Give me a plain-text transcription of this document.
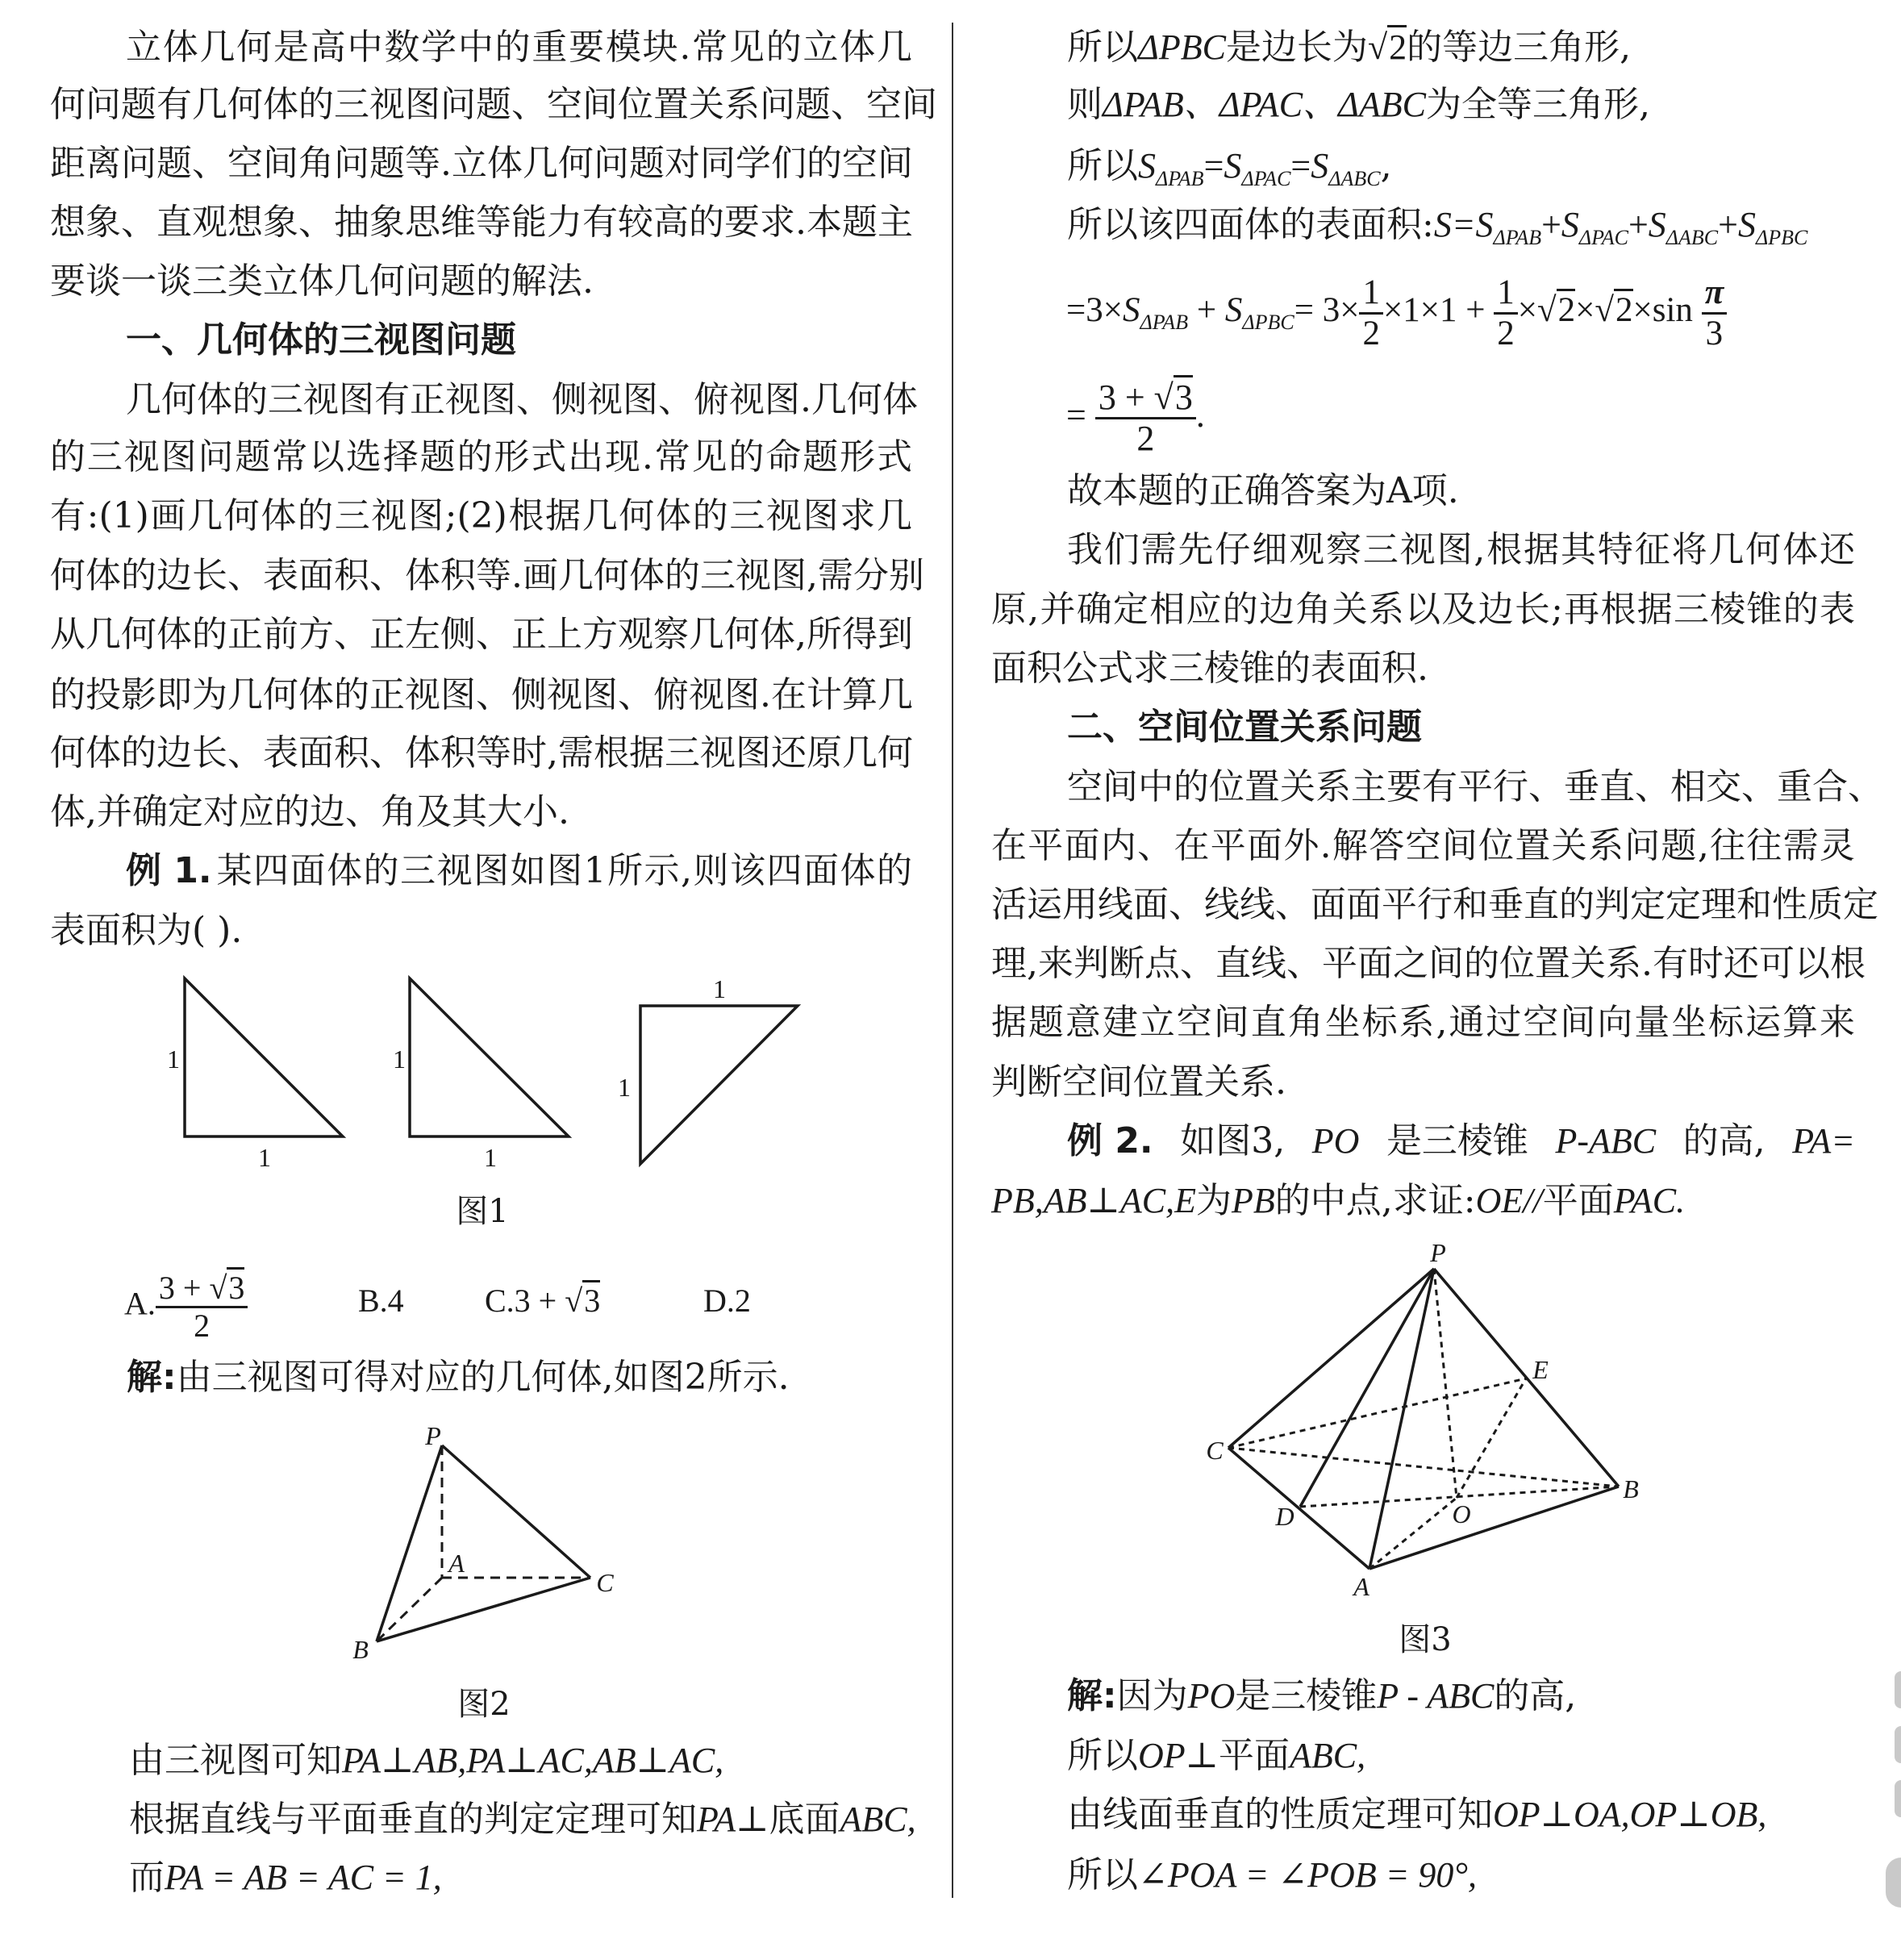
立体几何是高中数学中的重要模块.常见的立体几
何问题有几何体的三视图问题、空间位置关系问题、空间
距离问题、空间角问题等.立体几何问题对同学们的空间
想象、直观想象、抽象思维等能力有较高的要求.本题主
要谈一谈三类立体几何问题的解法.
一、几何体的三视图问题
几何体的三视图有正视图、侧视图、俯视图.几何体
的三视图问题常以选择题的形式出现.常见的命题形式
有:(1)画几何体的三视图;(2)根据几何体的三视图求几
何体的边长、表面积、体积等.画几何体的三视图,需分别
从几何体的正前方、正左侧、正上方观察几何体,所得到
的投影即为几何体的正视图、侧视图、俯视图.在计算几
何体的边长、表面积、体积等时,需根据三视图还原几何
体,并确定对应的边、角及其大小.
例 1. 某四面体的三视图如图1所示,则该四面体的
表面积为( ).
1
1
1
1
1
1
图1
A. $\frac{3 + √3}{2}$	B.4	C.3 + √3	D.2
解:由三视图可得对应的几何体,如图2所示.
P
A
C
B
图2
由三视图可知PA⊥AB,PA⊥AC,AB⊥AC,
根据直线与平面垂直的判定定理可知PA⊥底面ABC,
而PA = AB = AC = 1,
所以ΔPBC是边长为√2的等边三角形,
则ΔPAB、ΔPAC、ΔABC为全等三角形,
所以$S_{\Delta PAB}=S_{\Delta PAC}=S_{\Delta ABC}$,
所以该四面体的表面积$:S=S_{\Delta PAB}+S_{\Delta PAC}+S_{\Delta ABC}+S_{\Delta PBC}$
$=3\times S_{\Delta PAB} + S_{\Delta PBC}= 3\times \frac{1}{2} \times 1\times 1 + \frac{1}{2} \times√2\times√2\times\sin \frac{\pi}{3}$
= $\frac{3 + √3}{2}$ .
故本题的正确答案为A项.
我们需先仔细观察三视图,根据其特征将几何体还
原,并确定相应的边角关系以及边长;再根据三棱锥的表
面积公式求三棱锥的表面积.
二、空间位置关系问题
空间中的位置关系主要有平行、垂直、相交、重合、
在平面内、在平面外.解答空间位置关系问题,往往需灵
活运用线面、线线、面面平行和垂直的判定定理和性质定
理,来判断点、直线、平面之间的位置关系.有时还可以根
据题意建立空间直角坐标系,通过空间向量坐标运算来
判断空间位置关系.
例 2. 如图3, PO 是三棱锥 P-ABC 的高, PA=
PB,AB⊥AC,E为PB的中点,求证:OE//平面PAC.
P
E
C
B
D	O
A
图3
解:因为PO是三棱锥P - ABC的高,
所以OP⊥平面ABC,
由线面垂直的性质定理可知OP⊥OA,OP⊥OB,
所以∠POA = ∠POB = 90°,
